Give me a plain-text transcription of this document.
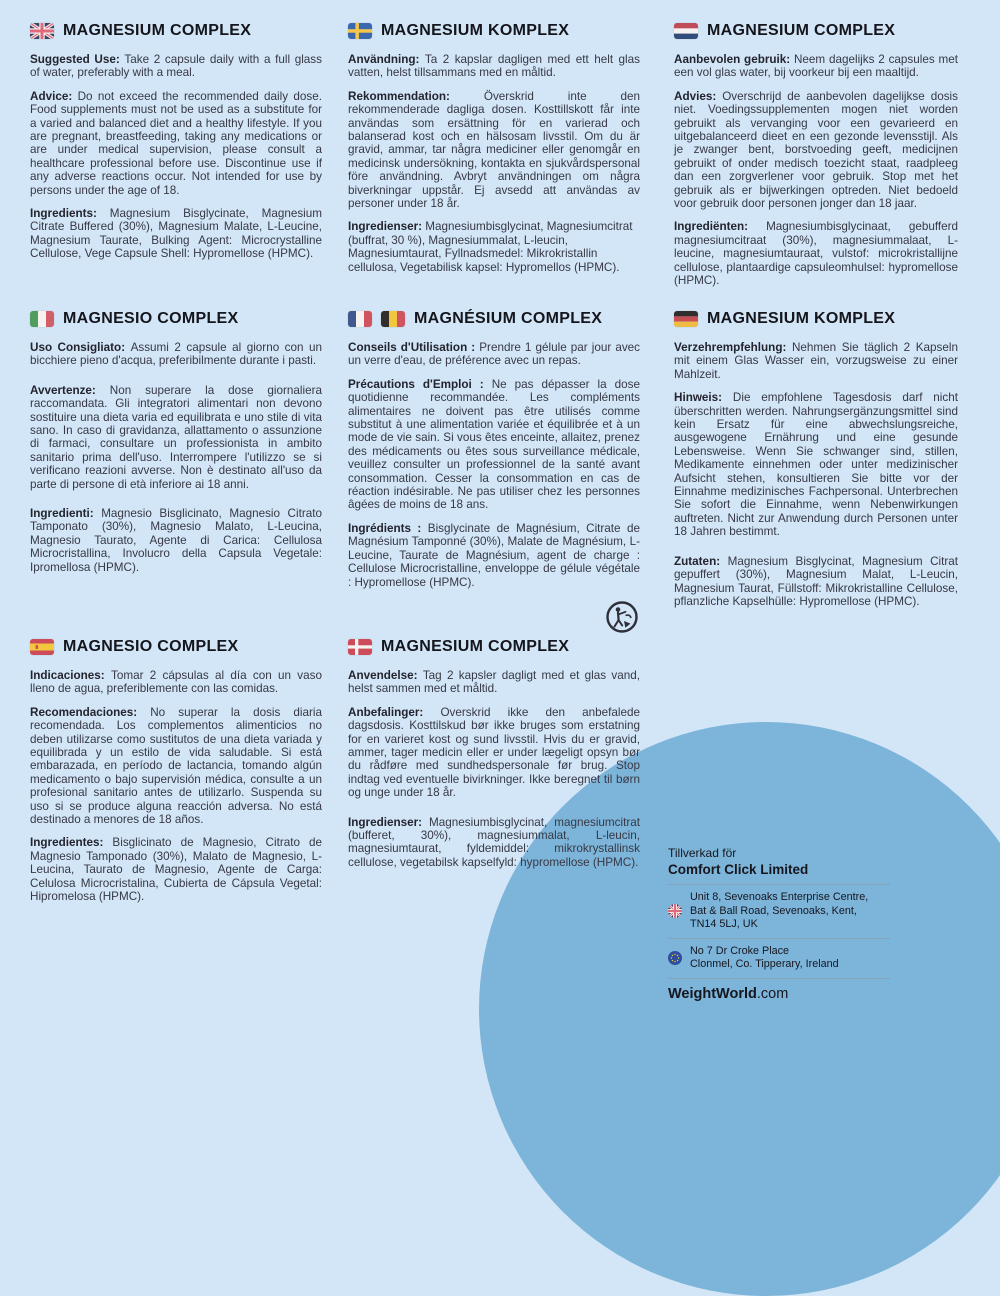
MAGNESIUM COMPLEX

Suggested Use: Take 2 capsule daily with a full glass of water, preferably with a meal.

Advice: Do not exceed the recommended daily dose. Food supplements must not be used as a substitute for a varied and balanced diet and a healthy lifestyle. If you are pregnant, breastfeeding, taking any medications or are under medical supervision, please consult a healthcare professional before use. Discontinue use if any adverse reactions occur. Not intended for use by persons under the age of 18.

Ingredients: Magnesium Bisglycinate, Magnesium Citrate Buffered (30%), Magnesium Malate, L-Leucine, Magnesium Taurate, Bulking Agent: Microcrystalline Cellulose, Vege Capsule Shell: Hypromellose (HPMC).

MAGNESIUM KOMPLEX

Användning: Ta 2 kapslar dagligen med ett helt glas vatten, helst tillsammans med en måltid.

Rekommendation: Överskrid inte den rekommenderade dagliga dosen. Kosttillskott får inte användas som ersättning för en varierad och balanserad kost och en hälsosam livsstil. Om du är gravid, ammar, tar några mediciner eller genomgår en medicinsk undersökning, kontakta en sjukvårdspersonal före användning. Avbryt användningen om några biverkningar uppstår. Ej avsedd att användas av personer under 18 år.

Ingredienser: Magnesiumbisglycinat, Magnesiumcitrat (buffrat, 30 %), Magnesiummalat, L-leucin, Magnesiumtaurat, Fyllnadsmedel: Mikrokristallin cellulosa, Vegetabilisk kapsel: Hypromellos (HPMC).

MAGNESIUM COMPLEX

Aanbevolen gebruik: Neem dagelijks 2 capsules met een vol glas water, bij voorkeur bij een maaltijd.

Advies: Overschrijd de aanbevolen dagelijkse dosis niet. Voedingssupplementen mogen niet worden gebruikt als vervanging voor een gevarieerd en uitgebalanceerd dieet en een gezonde levensstijl. Als je zwanger bent, borstvoeding geeft, medicijnen gebruikt of onder medisch toezicht staat, raadpleeg dan een zorgverlener voor gebruik. Stop met het gebruik als er bijwerkingen optreden. Niet bedoeld voor gebruik door personen jonger dan 18 jaar.

Ingrediënten: Magnesiumbisglycinaat, gebufferd magnesiumcitraat (30%), magnesiummalaat, L-leucine, magnesiumtauraat, vulstof: microkristallijne cellulose, plantaardige capsuleomhulsel: hypromellose (HPMC).

MAGNESIO COMPLEX

Uso Consigliato: Assumi 2 capsule al giorno con un bicchiere pieno d'acqua, preferibilmente durante i pasti.

Avvertenze: Non superare la dose giornaliera raccomandata. Gli integratori alimentari non devono sostituire una dieta varia ed equilibrata e uno stile di vita sano. In caso di gravidanza, allattamento o assunzione di farmaci, consultare un professionista in ambito sanitario prima dell'uso. Interrompere l'utilizzo se si verificano reazioni avverse. Non è destinato all'uso da parte di persone di età inferiore ai 18 anni.

Ingredienti: Magnesio Bisglicinato, Magnesio Citrato Tamponato (30%), Magnesio Malato, L-Leucina, Magnesio Taurato, Agente di Carica: Cellulosa Microcristallina, Involucro della Capsula Vegetale: Ipromellosa (HPMC).

MAGNÉSIUM COMPLEX

Conseils d'Utilisation : Prendre 1 gélule par jour avec un verre d'eau, de préférence avec un repas.

Précautions d'Emploi : Ne pas dépasser la dose quotidienne recommandée. Les compléments alimentaires ne doivent pas être utilisés comme substitut à une alimentation variée et équilibrée et à un mode de vie sain. Si vous êtes enceinte, allaitez, prenez des médicaments ou êtes sous surveillance médicale, veuillez consulter un professionnel de la santé avant consommation. Cesser la consommation en cas de réaction indésirable. Ne pas utiliser chez les personnes âgées de moins de 18 ans.

Ingrédients : Bisglycinate de Magnésium, Citrate de Magnésium Tamponné (30%), Malate de Magnésium, L-Leucine, Taurate de Magnésium, agent de charge : Cellulose Microcristalline, enveloppe de gélule végétale : Hypromellose (HPMC).

MAGNESIUM KOMPLEX

Verzehrempfehlung: Nehmen Sie täglich 2 Kapseln mit einem Glas Wasser ein, vorzugsweise zu einer Mahlzeit.

Hinweis: Die empfohlene Tagesdosis darf nicht überschritten werden. Nahrungsergänzungsmittel sind kein Ersatz für eine abwechslungsreiche, ausgewogene Ernährung und eine gesunde Lebensweise. Wenn Sie schwanger sind, stillen, Medikamente einnehmen oder unter medizinischer Aufsicht stehen, konsultieren Sie bitte vor der Einnahme medizinisches Fachpersonal. Unterbrechen Sie sofort die Einnahme, wenn Nebenwirkungen auftreten. Nicht zur Anwendung durch Personen unter 18 Jahren bestimmt.

Zutaten: Magnesium Bisglycinat, Magnesium Citrat gepuffert (30%), Magnesium Malat, L-Leucin, Magnesium Taurat, Füllstoff: Mikrokristalline Cellulose, pflanzliche Kapselhülle: Hypromellose (HPMC).

MAGNESIO COMPLEX

Indicaciones: Tomar 2 cápsulas al día con un vaso lleno de agua, preferiblemente con las comidas.

Recomendaciones: No superar la dosis diaria recomendada. Los complementos alimenticios no deben utilizarse como sustitutos de una dieta variada y equilibrada y un estilo de vida saludable. Si está embarazada, en período de lactancia, tomando algún medicamento o bajo supervisión médica, consulte a un profesional sanitario antes de utilizarlo. Suspenda su uso si se produce alguna reacción adversa. No está destinado a menores de 18 años.

Ingredientes: Bisglicinato de Magnesio, Citrato de Magnesio Tamponado (30%), Malato de Magnesio, L-Leucina, Taurato de Magnesio, Agente de Carga: Celulosa Microcristalina, Cubierta de Cápsula Vegetal: Hipromelosa (HPMC).

MAGNESIUM COMPLEX

Anvendelse: Tag 2 kapsler dagligt med et glas vand, helst sammen med et måltid.

Anbefalinger: Overskrid ikke den anbefalede dagsdosis. Kosttilskud bør ikke bruges som erstatning for en varieret kost og sund livsstil. Hvis du er gravid, ammer, tager medicin eller er under lægeligt opsyn bør du rådføre med sundhedspersonale før brug. Stop indtag ved eventuelle bivirkninger. Ikke beregnet til børn og unge under 18 år.

Ingredienser: Magnesiumbisglycinat, magnesiumcitrat (bufferet, 30%), magnesiummalat, L-leucin, magnesiumtaurat, fyldemiddel: mikrokrystallinsk cellulose, vegetabilsk kapselfyld: hypromellose (HPMC).

Tillverkad för
Comfort Click Limited
Unit 8, Sevenoaks Enterprise Centre,
Bat & Ball Road, Sevenoaks, Kent,
TN14 5LJ, UK
No 7 Dr Croke Place
Clonmel, Co. Tipperary, Ireland
WeightWorld.com
